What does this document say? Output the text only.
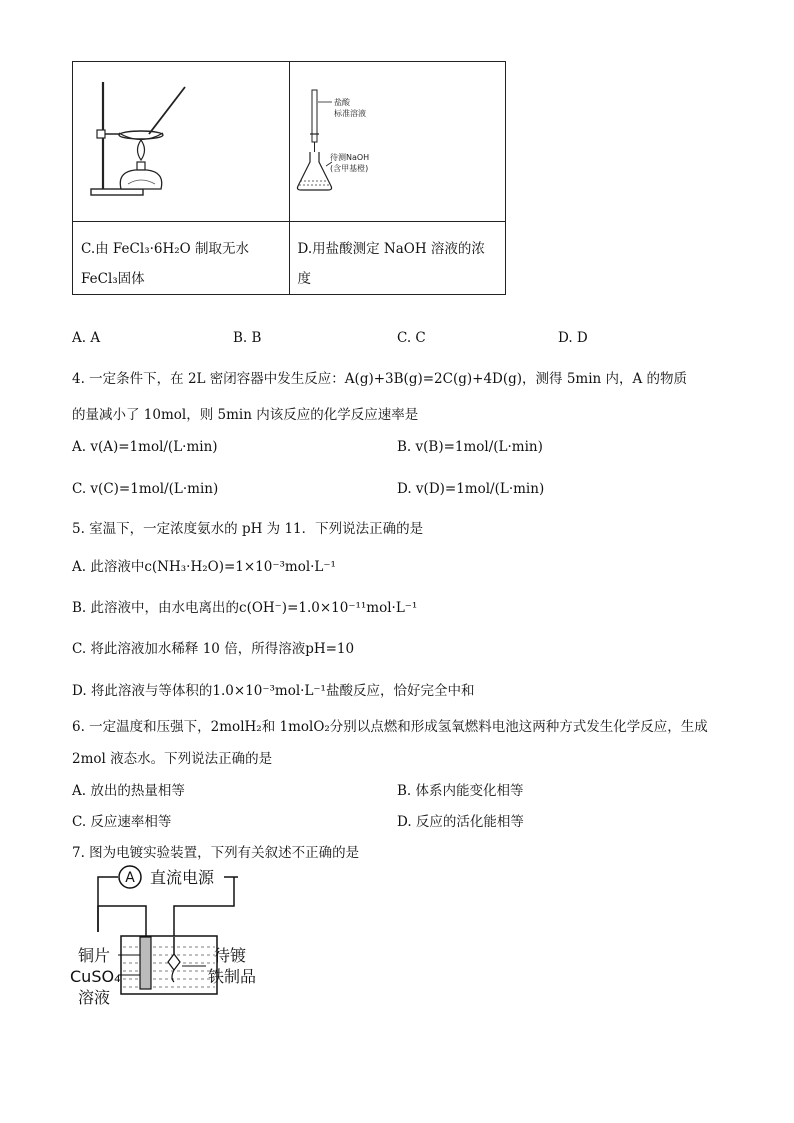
盐酸
标准溶液
待测NaOH
(含甲基橙)

C.由 FeCl₃·6H₂O 制取无水 FeCl₃固体	D.用盐酸测定 NaOH 溶液的浓度
A. A	B. B	C. C	D. D
4. 一定条件下，在 2L 密闭容器中发生反应：A(g)+3B(g)=2C(g)+4D(g)，测得 5min 内，A 的物质
的量减小了 10mol，则 5min 内该反应的化学反应速率是
A. v(A)=1mol/(L·min)	B. v(B)=1mol/(L·min)
C. v(C)=1mol/(L·min)	D. v(D)=1mol/(L·min)
5. 室温下，一定浓度氨水的 pH 为 11．下列说法正确的是
A. 此溶液中c(NH₃·H₂O)=1×10⁻³mol·L⁻¹
B. 此溶液中，由水电离出的c(OH⁻)=1.0×10⁻¹¹mol·L⁻¹
C. 将此溶液加水稀释 10 倍，所得溶液pH=10
D. 将此溶液与等体积的1.0×10⁻³mol·L⁻¹盐酸反应，恰好完全中和
6. 一定温度和压强下，2molH₂和 1molO₂分别以点燃和形成氢氧燃料电池这两种方式发生化学反应，生成
2mol 液态水。下列说法正确的是
A. 放出的热量相等	B. 体系内能变化相等
C. 反应速率相等	D. 反应的活化能相等
7. 图为电镀实验装置，下列有关叙述不正确的是
A 直流电源
铜片
CuSO₄
溶液
待镀
铁制品
